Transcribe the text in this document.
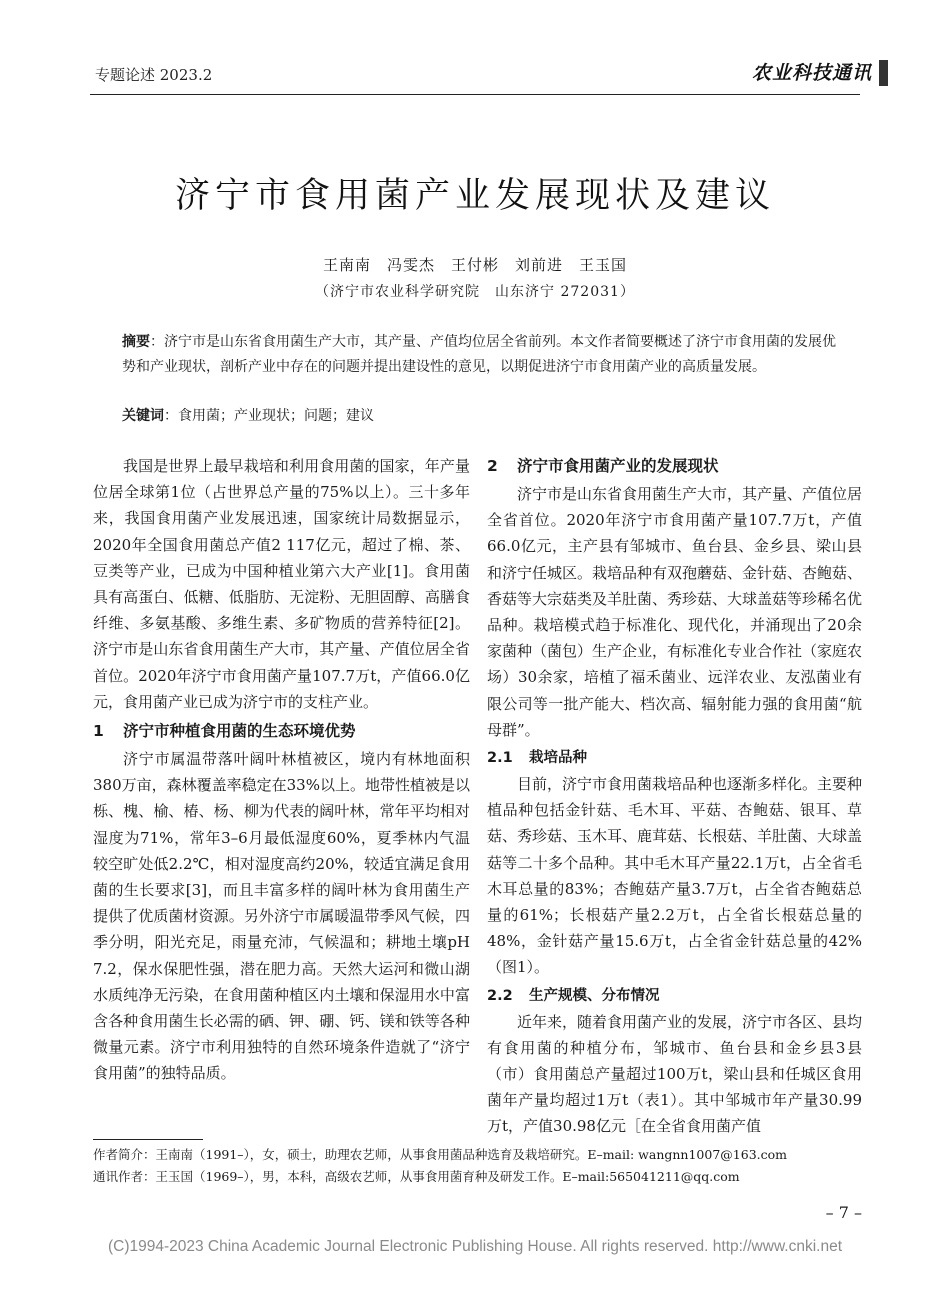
专题论述 2023.2	农业科技通讯
济宁市食用菌产业发展现状及建议
王南南　冯雯杰　王付彬　刘前进　王玉国
（济宁市农业科学研究院　山东济宁 272031）
摘要：济宁市是山东省食用菌生产大市，其产量、产值均位居全省前列。本文作者简要概述了济宁市食用菌的发展优势和产业现状，剖析产业中存在的问题并提出建设性的意见，以期促进济宁市食用菌产业的高质量发展。
关键词：食用菌；产业现状；问题；建议

我国是世界上最早栽培和利用食用菌的国家，年产量位居全球第1位（占世界总产量的75%以上）。三十多年来，我国食用菌产业发展迅速，国家统计局数据显示，2020年全国食用菌总产值2 117亿元，超过了棉、茶、豆类等产业，已成为中国种植业第六大产业[1]。食用菌具有高蛋白、低糖、低脂肪、无淀粉、无胆固醇、高膳食纤维、多氨基酸、多维生素、多矿物质的营养特征[2]。济宁市是山东省食用菌生产大市，其产量、产值位居全省首位。2020年济宁市食用菌产量107.7万t，产值66.0亿元，食用菌产业已成为济宁市的支柱产业。

1 济宁市种植食用菌的生态环境优势

济宁市属温带落叶阔叶林植被区，境内有林地面积380万亩，森林覆盖率稳定在33%以上。地带性植被是以栎、槐、榆、椿、杨、柳为代表的阔叶林，常年平均相对湿度为71%，常年3–6月最低湿度60%，夏季林内气温较空旷处低2.2℃，相对湿度高约20%，较适宜满足食用菌的生长要求[3]，而且丰富多样的阔叶林为食用菌生产提供了优质菌材资源。另外济宁市属暖温带季风气候，四季分明，阳光充足，雨量充沛，气候温和；耕地土壤pH 7.2，保水保肥性强，潜在肥力高。天然大运河和微山湖水质纯净无污染，在食用菌种植区内土壤和保湿用水中富含各种食用菌生长必需的硒、钾、硼、钙、镁和铁等各种微量元素。济宁市利用独特的自然环境条件造就了“济宁食用菌”的独特品质。

2 济宁市食用菌产业的发展现状

济宁市是山东省食用菌生产大市，其产量、产值位居全省首位。2020年济宁市食用菌产量107.7万t，产值66.0亿元，主产县有邹城市、鱼台县、金乡县、梁山县和济宁任城区。栽培品种有双孢蘑菇、金针菇、杏鲍菇、香菇等大宗菇类及羊肚菌、秀珍菇、大球盖菇等珍稀名优品种。栽培模式趋于标准化、现代化，并涌现出了20余家菌种（菌包）生产企业，有标准化专业合作社（家庭农场）30余家，培植了福禾菌业、远洋农业、友泓菌业有限公司等一批产能大、档次高、辐射能力强的食用菌“航母群”。

2.1 栽培品种

目前，济宁市食用菌栽培品种也逐渐多样化。主要种植品种包括金针菇、毛木耳、平菇、杏鲍菇、银耳、草菇、秀珍菇、玉木耳、鹿茸菇、长根菇、羊肚菌、大球盖菇等二十多个品种。其中毛木耳产量22.1万t，占全省毛木耳总量的83%；杏鲍菇产量3.7万t，占全省杏鲍菇总量的61%；长根菇产量2.2万t，占全省长根菇总量的48%，金针菇产量15.6万t，占全省金针菇总量的42%（图1）。

2.2 生产规模、分布情况

近年来，随着食用菌产业的发展，济宁市各区、县均有食用菌的种植分布，邹城市、鱼台县和金乡县3县（市）食用菌总产量超过100万t，梁山县和任城区食用菌年产量均超过1万t（表1）。其中邹城市年产量30.99万t，产值30.98亿元［在全省食用菌产值

作者简介：王南南（1991–），女，硕士，助理农艺师，从事食用菌品种选育及栽培研究。E–mail: wangnn1007@163.com
通讯作者：王玉国（1969–），男，本科，高级农艺师，从事食用菌育种及研发工作。E–mail:565041211@qq.com
– 7 –
(C)1994-2023 China Academic Journal Electronic Publishing House. All rights reserved. http://www.cnki.net
